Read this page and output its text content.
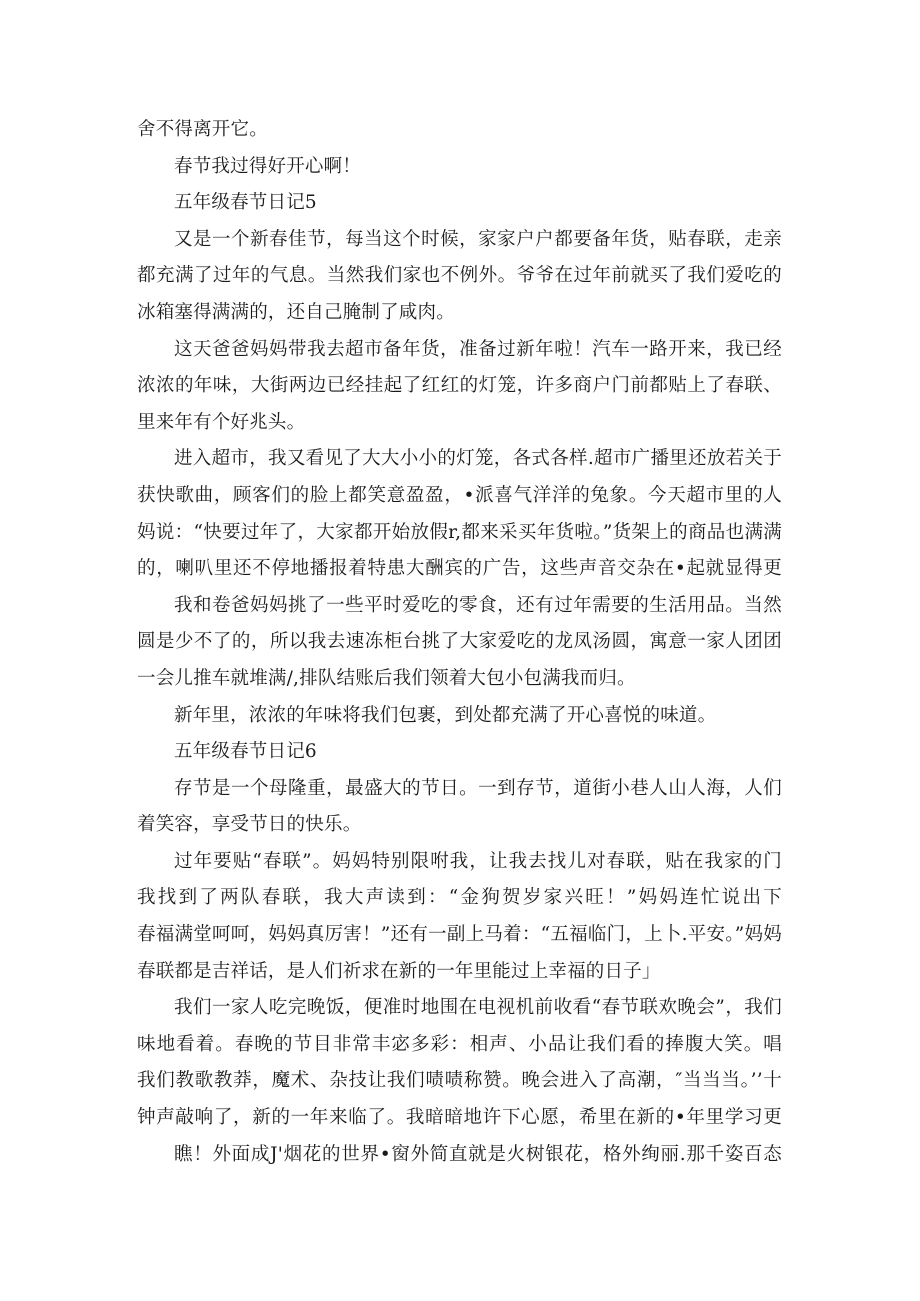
舍不得离开它。
春节我过得好开心啊！
五年级春节日记5
又是一个新春佳节，每当这个时候，家家户户都要备年货，贴春联，走亲
都充满了过年的气息。当然我们家也不例外。爷爷在过年前就买了我们爱吃的
冰箱塞得满满的，还自己腌制了咸肉。
这天爸爸妈妈带我去超市备年货，准备过新年啦！汽车一路开来，我已经
浓浓的年味，大街两边已经挂起了红红的灯笼，许多商户门前都贴上了春联、
里来年有个好兆头。
进入超市，我又看见了大大小小的灯笼，各式各样.超市广播里还放若关于
获快歌曲，顾客们的脸上都笑意盈盈，•派喜气洋洋的兔象。今天超市里的人
妈说：“快要过年了，大家都开始放假r,都来采买年货啦。”货架上的商品也满满
的，喇叭里还不停地播报着特患大酬宾的广告，这些声音交杂在•起就显得更
我和卷爸妈妈挑了一些平时爱吃的零食，还有过年需要的生活用品。当然
圆是少不了的，所以我去速冻柜台挑了大家爱吃的龙凤汤圆，寓意一家人团团
一会儿推车就堆满/,排队结账后我们领着大包小包满我而归。
新年里，浓浓的年味将我们包裹，到处都充满了开心喜悦的味道。
五年级春节日记6
存节是一个母隆重，最盛大的节日。一到存节，道街小巷人山人海，人们
着笑容，享受节日的快乐。
过年要贴“春联”。妈妈特别限咐我，让我去找儿对春联，贴在我家的门
我找到了两队春联，我大声读到：“金狗贺岁家兴旺！”妈妈连忙说出下
春福满堂呵呵，妈妈真厉害！”还有一副上马着：“五福临门，上卜.平安。”妈妈
春联都是吉祥话，是人们祈求在新的一年里能过上幸福的日子」
我们一家人吃完晚饭，便准时地围在电视机前收看“春节联欢晚会”，我们
味地看着。春晚的节目非常丰宓多彩：相声、小品让我们看的捧腹大笑。唱
我们教歌教莽，魔术、杂技让我们啧啧称赞。晚会进入了高潮，″当当当。’’十
钟声敲响了，新的一年来临了。我暗暗地许下心愿，希里在新的•年里学习更
瞧！外面成J'烟花的世界•窗外简直就是火树银花，格外绚丽.那千姿百态
